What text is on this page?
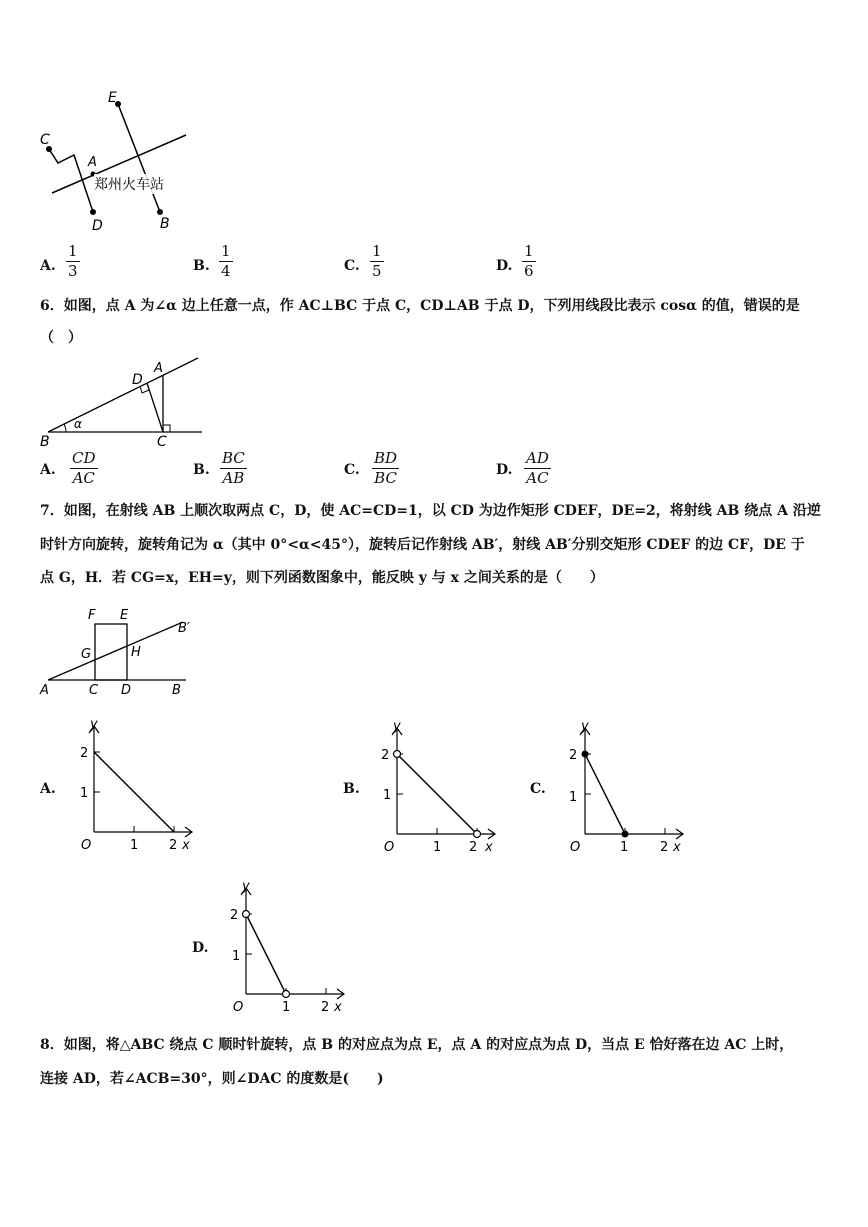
C
E
A
D	B
郑州火车站
A.
1
3	B.
1
4	C.
1
5	D.
1
6
6．如图，点 A 为∠α 边上任意一点，作 AC⊥BC 于点 C，CD⊥AB 于点 D，下列用线段比表示 cosα 的值，错误的是
（　）
D
A
B
α
C
A.
CD
AC	B.
BC
AB	C.
BD
BC	D.
AD
AC
7．如图，在射线 AB 上顺次取两点 C，D，使 AC=CD=1，以 CD 为边作矩形 CDEF，DE=2，将射线 AB 绕点 A 沿逆
时针方向旋转，旋转角记为 α（其中 0°<α<45°），旋转后记作射线 AB′，射线 AB′分别交矩形 CDEF 的边 CF，DE 于
点 G，H．若 CG=x，EH=y，则下列函数图象中，能反映 y 与 x 之间关系的是（　　）
F E
B′
G	H
A	C D	B
A.	B.	C.
D.
y
x
O	1 2
1
2
y
x
O	1 2
1
2
y
x
O	1 2
1
2
y
x
O	1 2
1
2
8．如图，将△ABC 绕点 C 顺时针旋转，点 B 的对应点为点 E，点 A 的对应点为点 D，当点 E 恰好落在边 AC 上时，
连接 AD，若∠ACB=30°，则∠DAC 的度数是(　　)
